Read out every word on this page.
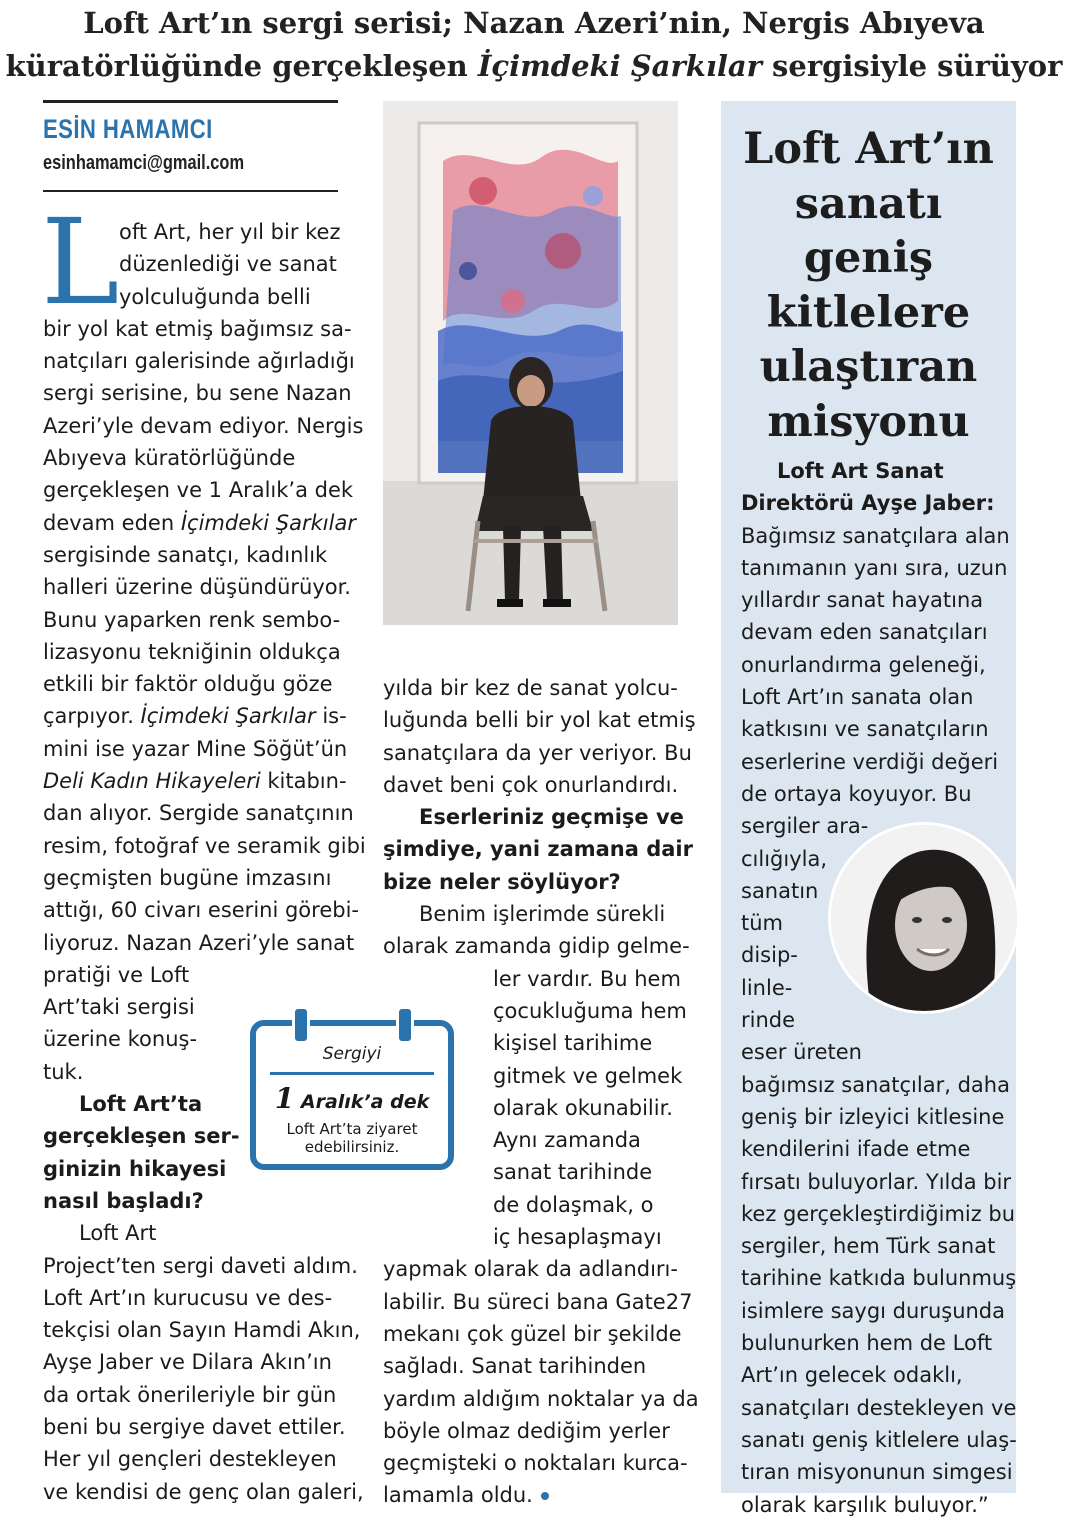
Loft Art’ın sergi serisi; Nazan Azeri’nin, Nergis Abıyeva
küratörlüğünde gerçekleşen İçimdeki Şarkılar sergisiyle sürüyor
ESİN HAMAMCI
esinhamamci@gmail.com
L oft Art, her yıl bir kez
düzenlediği ve sanat
yolculuğunda belli
bir yol kat etmiş bağımsız sa-
natçıları galerisinde ağırladığı
sergi serisine, bu sene Nazan
Azeri’yle devam ediyor. Nergis
Abıyeva küratörlüğünde
gerçekleşen ve 1 Aralık’a dek
devam eden İçimdeki Şarkılar
sergisinde sanatçı, kadınlık
halleri üzerine düşündürüyor.
Bunu yaparken renk sembo-
lizasyonu tekniğinin oldukça
etkili bir faktör olduğu göze
çarpıyor. İçimdeki Şarkılar is-
mini ise yazar Mine Söğüt’ün
Deli Kadın Hikayeleri kitabın-
dan alıyor. Sergide sanatçının
resim, fotoğraf ve seramik gibi
geçmişten bugüne imzasını
attığı, 60 civarı eserini görebi-
liyoruz. Nazan Azeri’yle sanat
pratiği ve Loft
Art’taki sergisi
üzerine konuş-
tuk.
Loft Art’ta
gerçekleşen ser-
ginizin hikayesi
nasıl başladı?
Loft Art
Project’ten sergi daveti aldım.
Loft Art’ın kurucusu ve des-
tekçisi olan Sayın Hamdi Akın,
Ayşe Jaber ve Dilara Akın’ın
da ortak önerileriyle bir gün
beni bu sergiye davet ettiler.
Her yıl gençleri destekleyen
ve kendisi de genç olan galeri,
yılda bir kez de sanat yolcu-
luğunda belli bir yol kat etmiş
sanatçılara da yer veriyor. Bu
davet beni çok onurlandırdı.
Eserleriniz geçmişe ve
şimdiye, yani zamana dair
bize neler söylüyor?
Benim işlerimde sürekli
olarak zamanda gidip gelme-
ler vardır. Bu hem
çocukluğuma hem
kişisel tarihime
gitmek ve gelmek
olarak okunabilir.
Aynı zamanda
sanat tarihinde
de dolaşmak, o
iç hesaplaşmayı
yapmak olarak da adlandırı-
labilir. Bu süreci bana Gate27
mekanı çok güzel bir şekilde
sağladı. Sanat tarihinden
yardım aldığım noktalar ya da
böyle olmaz dediğim yerler
geçmişteki o noktaları kurca-
lamamla oldu.
Sergiyi
1 Aralık’a dek
Loft Art’ta ziyaret
edebilirsiniz.
Loft Art’ın
sanatı
geniş
kitlelere
ulaştıran
misyonu
Loft Art Sanat
Direktörü Ayşe Jaber:
Bağımsız sanatçılara alan
tanımanın yanı sıra, uzun
yıllardır sanat hayatına
devam eden sanatçıları
onurlandırma geleneği,
Loft Art’ın sanata olan
katkısını ve sanatçıların
eserlerine verdiği değeri
de ortaya koyuyor. Bu
sergiler ara-
cılığıyla,
sanatın
tüm
disip-
linle-
rinde
eser üreten
bağımsız sanatçılar, daha
geniş bir izleyici kitlesine
kendilerini ifade etme
fırsatı buluyorlar. Yılda bir
kez gerçekleştirdiğimiz bu
sergiler, hem Türk sanat
tarihine katkıda bulunmuş
isimlere saygı duruşunda
bulunurken hem de Loft
Art’ın gelecek odaklı,
sanatçıları destekleyen ve
sanatı geniş kitlelere ulaş-
tıran misyonunun simgesi
olarak karşılık buluyor.”
